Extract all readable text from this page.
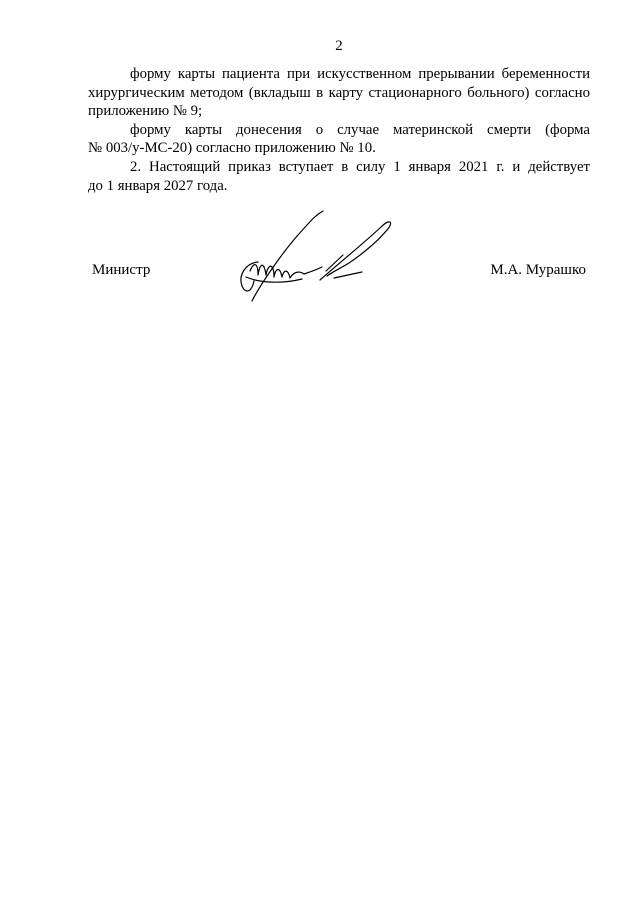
2
форму карты пациента при искусственном прерывании беременности
хирургическим методом (вкладыш в карту стационарного больного) согласно
приложению № 9;
форму карты донесения о случае материнской смерти (форма
№ 003/у-МС-20) согласно приложению № 10.
2. Настоящий приказ вступает в силу 1 января 2021 г. и действует
до 1 января 2027 года.
Министр	М.А. Мурашко
